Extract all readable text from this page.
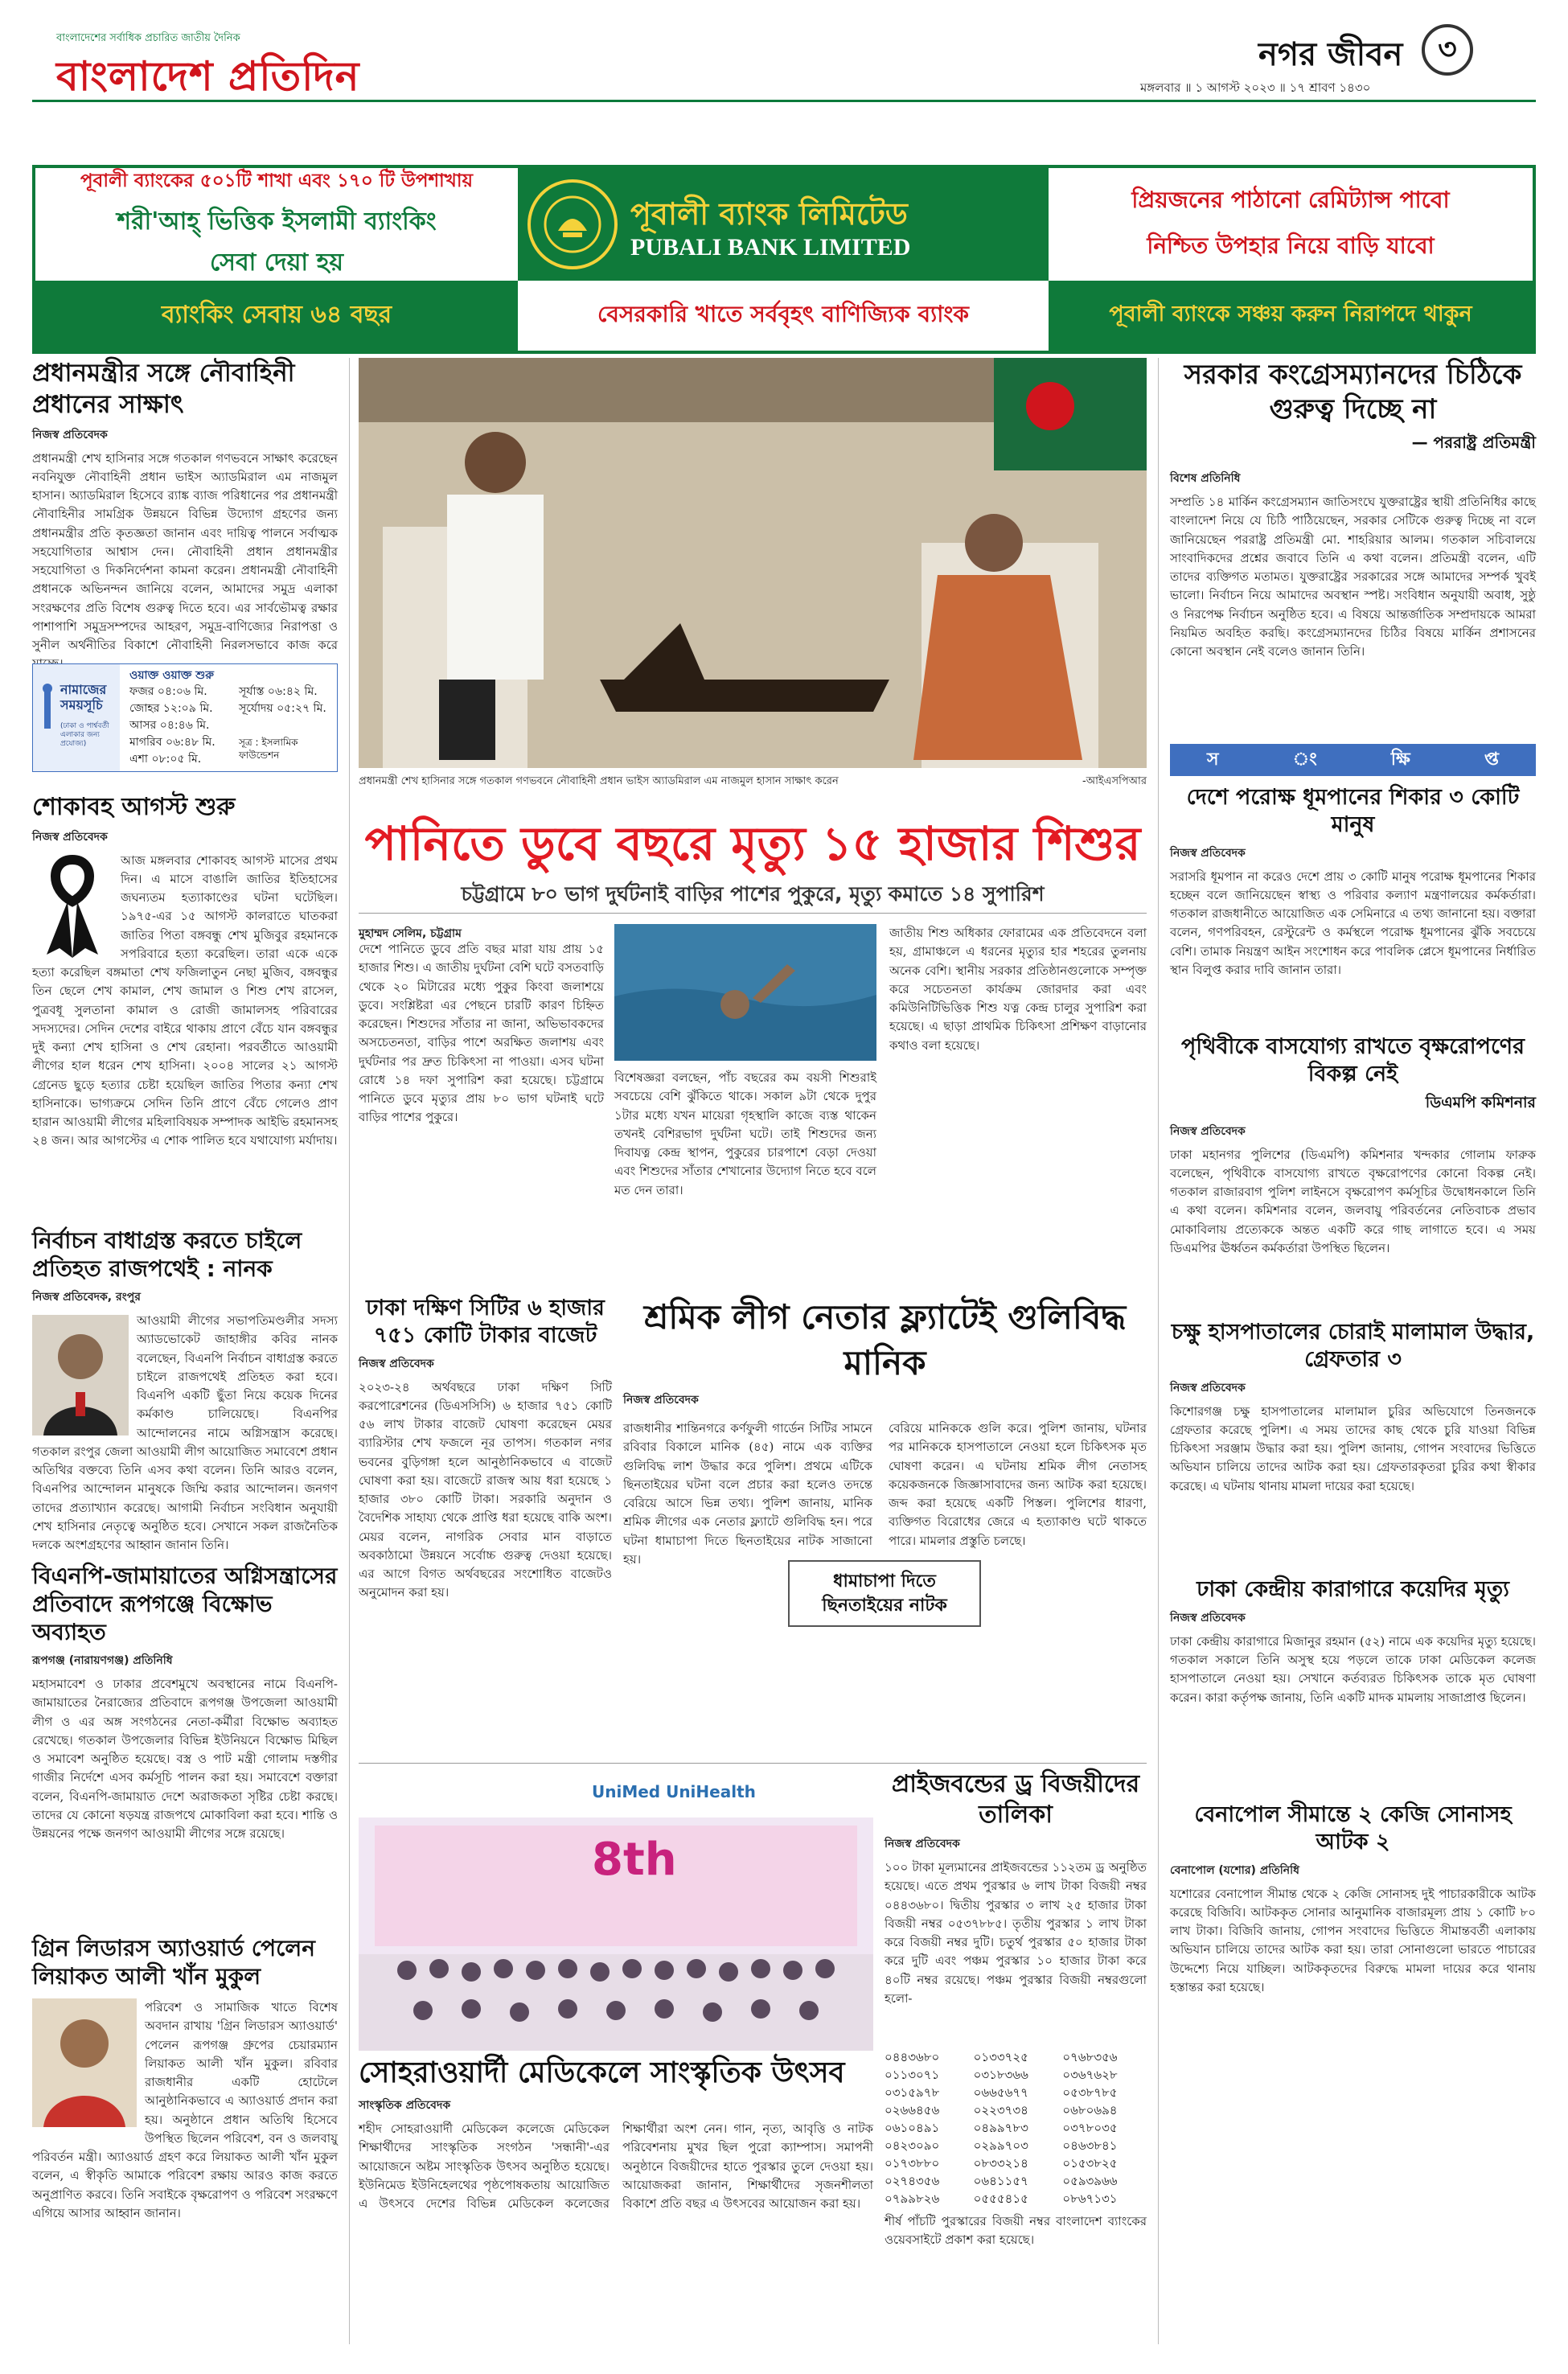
বাংলাদেশের সর্বাধিক প্রচারিত জাতীয় দৈনিক
বাংলাদেশ প্রতিদিন	নগর জীবন	৩
মঙ্গলবার ॥ ১ আগস্ট ২০২৩ ॥ ১৭ শ্রাবণ ১৪৩০
পূবালী ব্যাংকের ৫০১টি শাখা এবং ১৭০ টি উপশাখায়
শরী'আহ্ ভিত্তিক ইসলামী ব্যাংকিং
সেবা দেয়া হয়
পূবালী ব্যাংক লিমিটেড
PUBALI BANK LIMITED
প্রিয়জনের পাঠানো রেমিট্যান্স পাবো
নিশ্চিত উপহার নিয়ে বাড়ি যাবো
ব্যাংকিং সেবায় ৬৪ বছর	বেসরকারি খাতে সর্ববৃহৎ বাণিজ্যিক ব্যাংক	পূবালী ব্যাংকে সঞ্চয় করুন নিরাপদে থাকুন
প্রধানমন্ত্রীর সঙ্গে নৌবাহিনী প্রধানের সাক্ষাৎ
নিজস্ব প্রতিবেদক
প্রধানমন্ত্রী শেখ হাসিনার সঙ্গে গতকাল গণভবনে সাক্ষাৎ করেছেন নবনিযুক্ত নৌবাহিনী প্রধান ভাইস অ্যাডমিরাল এম নাজমুল হাসান। অ্যাডমিরাল হিসেবে র‍্যাঙ্ক ব্যাজ পরিধানের পর প্রধানমন্ত্রী নৌবাহিনীর সামগ্রিক উন্নয়নে বিভিন্ন উদ্যোগ গ্রহণের জন্য প্রধানমন্ত্রীর প্রতি কৃতজ্ঞতা জানান এবং দায়িত্ব পালনে সর্বাত্মক সহযোগিতার আশ্বাস দেন। নৌবাহিনী প্রধান প্রধানমন্ত্রীর সহযোগিতা ও দিকনির্দেশনা কামনা করেন। প্রধানমন্ত্রী নৌবাহিনী প্রধানকে অভিনন্দন জানিয়ে বলেন, আমাদের সমুদ্র এলাকা সংরক্ষণের প্রতি বিশেষ গুরুত্ব দিতে হবে। এর সার্বভৌমত্ব রক্ষার পাশাপাশি সমুদ্রসম্পদের আহরণ, সমুদ্র-বাণিজ্যের নিরাপত্তা ও সুনীল অর্থনীতির বিকাশে নৌবাহিনী নিরলসভাবে কাজ করে
নামাজের সময়সূচি
(ঢাকা ও পার্শ্ববর্তী এলাকার জন্য প্রযোজ্য)
ওয়াক্ত ওয়াক্ত শুরু
ফজর ০৪:০৬ মি.
জোহর ১২:০৯ মি.
আসর ০৪:৪৬ মি.
মাগরিব ০৬:৪৮ মি.
এশা ০৮:০৫ মি.
সূর্যাস্ত ০৬:৪২ মি.
সূর্যোদয় ০৫:২৭ মি.
সূত্র : ইসলামিক ফাউন্ডেশন
শোকাবহ আগস্ট শুরু
নিজস্ব প্রতিবেদক
আজ মঙ্গলবার শোকাবহ আগস্ট মাসের প্রথম দিন। এ মাসে বাঙালি জাতির ইতিহাসের জঘন্যতম হত্যাকাণ্ডের ঘটনা ঘটেছিল। ১৯৭৫-এর ১৫ আগস্ট কালরাতে ঘাতকরা জাতির পিতা বঙ্গবন্ধু শেখ মুজিবুর রহমানকে সপরিবারে হত্যা করেছিল। তারা একে একে হত্যা করেছিল বঙ্গমাতা শেখ ফজিলাতুন নেছা মুজিব, বঙ্গবন্ধুর তিন ছেলে শেখ কামাল, শেখ জামাল ও শিশু শেখ রাসেল, পুত্রবধূ সুলতানা কামাল ও রোজী জামালসহ পরিবারের সদস্যদের। সেদিন দেশের বাইরে থাকায় প্রাণে বেঁচে যান বঙ্গবন্ধুর দুই কন্যা শেখ হাসিনা ও শেখ রেহানা। পরবর্তীতে আওয়ামী লীগের হাল ধরেন শেখ হাসিনা। ২০০৪ সালের ২১ আগস্ট গ্রেনেড ছুড়ে হত্যার চেষ্টা হয়েছিল জাতির পিতার কন্যা শেখ হাসিনাকে। ভাগ্যক্রমে সেদিন তিনি প্রাণে বেঁচে গেলেও প্রাণ হারান আওয়ামী লীগের মহিলাবিষয়ক সম্পাদক আইভি রহমানসহ ২৪ জন। আর আগস্টের এ শোক পালিত হবে যথাযোগ্য মর্যাদায়।
নির্বাচন বাধাগ্রস্ত করতে চাইলে প্রতিহত রাজপথেই : নানক
নিজস্ব প্রতিবেদক, রংপুর
আওয়ামী লীগের সভাপতিমণ্ডলীর সদস্য অ্যাডভোকেট জাহাঙ্গীর কবির নানক বলেছেন, বিএনপি নির্বাচন বাধাগ্রস্ত করতে চাইলে রাজপথেই প্রতিহত করা হবে। বিএনপি একটি ছুঁতা নিয়ে কয়েক দিনের কর্মকাণ্ড চালিয়েছে। বিএনপির আন্দোলনের নামে অগ্নিসন্ত্রাস করেছে। গতকাল রংপুর জেলা আওয়ামী লীগ আয়োজিত সমাবেশে প্রধান অতিথির বক্তব্যে তিনি এসব কথা বলেন। তিনি আরও বলেন, বিএনপির আন্দোলন মানুষকে জিম্মি করার আন্দোলন। জনগণ তাদের প্রত্যাখ্যান করেছে। আগামী নির্বাচন সংবিধান অনুযায়ী শেখ হাসিনার নেতৃত্বে অনুষ্ঠিত হবে। সেখানে সকল রাজনৈতিক দলকে অংশগ্রহণের আহ্বান জানান তিনি।
বিএনপি-জামায়াতের অগ্নিসন্ত্রাসের প্রতিবাদে রূপগঞ্জে বিক্ষোভ অব্যাহত
রূপগঞ্জ (নারায়ণগঞ্জ) প্রতিনিধি
মহাসমাবেশ ও ঢাকার প্রবেশমুখে অবস্থানের নামে বিএনপি-জামায়াতের নৈরাজ্যের প্রতিবাদে রূপগঞ্জ উপজেলা আওয়ামী লীগ ও এর অঙ্গ সংগঠনের নেতা-কর্মীরা বিক্ষোভ অব্যাহত রেখেছে। গতকাল উপজেলার বিভিন্ন ইউনিয়নে বিক্ষোভ মিছিল ও সমাবেশ অনুষ্ঠিত হয়েছে। বস্ত্র ও পাট মন্ত্রী গোলাম দস্তগীর গাজীর নির্দেশে এসব কর্মসূচি পালন করা হয়। সমাবেশে বক্তারা বলেন, বিএনপি-জামায়াত দেশে অরাজকতা সৃষ্টির চেষ্টা করছে। তাদের যে কোনো ষড়যন্ত্র রাজপথে মোকাবিলা করা হবে। শান্তি ও উন্নয়নের পক্ষে জনগণ আওয়ামী লীগের সঙ্গে রয়েছে।
গ্রিন লিডারস অ্যাওয়ার্ড পেলেন লিয়াকত আলী খাঁন মুকুল
পরিবেশ ও সামাজিক খাতে বিশেষ অবদান রাখায় 'গ্রিন লিডারস অ্যাওয়ার্ড' পেলেন রূপগঞ্জ গ্রুপের চেয়ারম্যান লিয়াকত আলী খাঁন মুকুল। রবিবার রাজধানীর একটি হোটেলে আনুষ্ঠানিকভাবে এ অ্যাওয়ার্ড প্রদান করা হয়। অনুষ্ঠানে প্রধান অতিথি হিসেবে উপস্থিত ছিলেন পরিবেশ, বন ও জলবায়ু পরিবর্তন মন্ত্রী। অ্যাওয়ার্ড গ্রহণ করে লিয়াকত আলী খাঁন মুকুল বলেন, এ স্বীকৃতি আমাকে পরিবেশ রক্ষায় আরও কাজ করতে অনুপ্রাণিত করবে। তিনি সবাইকে বৃক্ষরোপণ ও পরিবেশ সংরক্ষণে এগিয়ে আসার আহ্বান জানান।
প্রধানমন্ত্রী শেখ হাসিনার সঙ্গে গতকাল গণভবনে নৌবাহিনী প্রধান ভাইস অ্যাডমিরাল এম নাজমুল হাসান সাক্ষাৎ করেন	-আইএসপিআর
পানিতে ডুবে বছরে মৃত্যু ১৫ হাজার শিশুর
চট্টগ্রামে ৮০ ভাগ দুর্ঘটনাই বাড়ির পাশের পুকুরে, মৃত্যু কমাতে ১৪ সুপারিশ
মুহাম্মদ সেলিম, চট্টগ্রাম
দেশে পানিতে ডুবে প্রতি বছর মারা যায় প্রায় ১৫ হাজার শিশু। এ জাতীয় দুর্ঘটনা বেশি ঘটে বসতবাড়ি থেকে ২০ মিটারের মধ্যে পুকুর কিংবা জলাশয়ে ডুবে। সংশ্লিষ্টরা এর পেছনে চারটি কারণ চিহ্নিত করেছেন। শিশুদের সাঁতার না জানা, অভিভাবকদের অসচেতনতা, বাড়ির পাশে অরক্ষিত জলাশয় এবং দুর্ঘটনার পর দ্রুত চিকিৎসা না পাওয়া। এসব ঘটনা রোধে ১৪ দফা সুপারিশ করা হয়েছে। চট্টগ্রামে পানিতে ডুবে মৃত্যুর প্রায় ৮০ ভাগ ঘটনাই ঘটে বাড়ির পাশের পুকুরে।
বিশেষজ্ঞরা বলছেন, পাঁচ বছরের কম বয়সী শিশুরাই সবচেয়ে বেশি ঝুঁকিতে থাকে। সকাল ৯টা থেকে দুপুর ১টার মধ্যে যখন মায়েরা গৃহস্থালি কাজে ব্যস্ত থাকেন তখনই বেশিরভাগ দুর্ঘটনা ঘটে। তাই শিশুদের জন্য দিবাযত্ন কেন্দ্র স্থাপন, পুকুরের চারপাশে বেড়া দেওয়া এবং শিশুদের সাঁতার শেখানোর উদ্যোগ নিতে হবে বলে মত দেন তারা।
জাতীয় শিশু অধিকার ফোরামের এক প্রতিবেদনে বলা হয়, গ্রামাঞ্চলে এ ধরনের মৃত্যুর হার শহরের তুলনায় অনেক বেশি। স্থানীয় সরকার প্রতিষ্ঠানগুলোকে সম্পৃক্ত করে সচেতনতা কার্যক্রম জোরদার করা এবং কমিউনিটিভিত্তিক শিশু যত্ন কেন্দ্র চালুর সুপারিশ করা হয়েছে। এ ছাড়া প্রাথমিক চিকিৎসা প্রশিক্ষণ বাড়ানোর কথাও বলা হয়েছে।
ঢাকা দক্ষিণ সিটির ৬ হাজার ৭৫১ কোটি টাকার বাজেট
নিজস্ব প্রতিবেদক
২০২৩-২৪ অর্থবছরে ঢাকা দক্ষিণ সিটি করপোরেশনের (ডিএসসিসি) ৬ হাজার ৭৫১ কোটি ৫৬ লাখ টাকার বাজেট ঘোষণা করেছেন মেয়র ব্যারিস্টার শেখ ফজলে নূর তাপস। গতকাল নগর ভবনের বুড়িগঙ্গা হলে আনুষ্ঠানিকভাবে এ বাজেট ঘোষণা করা হয়। বাজেটে রাজস্ব আয় ধরা হয়েছে ১ হাজার ৩৮০ কোটি টাকা। সরকারি অনুদান ও বৈদেশিক সাহায্য থেকে প্রাপ্তি ধরা হয়েছে বাকি অংশ। মেয়র বলেন, নাগরিক সেবার মান বাড়াতে অবকাঠামো উন্নয়নে সর্বোচ্চ গুরুত্ব দেওয়া হয়েছে। এর আগে বিগত অর্থবছরের সংশোধিত বাজেটও অনুমোদন করা হয়।
শ্রমিক লীগ নেতার ফ্ল্যাটেই গুলিবিদ্ধ মানিক
নিজস্ব প্রতিবেদক
রাজধানীর শান্তিনগরে কর্ণফুলী গার্ডেন সিটির সামনে রবিবার বিকালে মানিক (৪৫) নামে এক ব্যক্তির গুলিবিদ্ধ লাশ উদ্ধার করে পুলিশ। প্রথমে এটিকে ছিনতাইয়ের ঘটনা বলে প্রচার করা হলেও তদন্তে বেরিয়ে আসে ভিন্ন তথ্য। পুলিশ জানায়, মানিক শ্রমিক লীগের এক নেতার ফ্ল্যাটে গুলিবিদ্ধ হন। পরে ঘটনা ধামাচাপা দিতে ছিনতাইয়ের নাটক সাজানো হয়।
ধামাচাপা দিতে ছিনতাইয়ের নাটক
বেরিয়ে মানিককে গুলি করে। পুলিশ জানায়, ঘটনার পর মানিককে হাসপাতালে নেওয়া হলে চিকিৎসক মৃত ঘোষণা করেন। এ ঘটনায় শ্রমিক লীগ নেতাসহ কয়েকজনকে জিজ্ঞাসাবাদের জন্য আটক করা হয়েছে। জব্দ করা হয়েছে একটি পিস্তল। পুলিশের ধারণা, ব্যক্তিগত বিরোধের জেরে এ হত্যাকাণ্ড ঘটে থাকতে পারে। মামলার প্রস্তুতি চলছে।
UniMed UniHealth
8th
সোহরাওয়ার্দী মেডিকেলে সাংস্কৃতিক উৎসব
সাংস্কৃতিক প্রতিবেদক
শহীদ সোহরাওয়ার্দী মেডিকেল কলেজে মেডিকেল শিক্ষার্থীদের সাংস্কৃতিক সংগঠন 'সন্ধানী'-এর আয়োজনে অষ্টম সাংস্কৃতিক উৎসব অনুষ্ঠিত হয়েছে। ইউনিমেড ইউনিহেলথের পৃষ্ঠপোষকতায় আয়োজিত এ উৎসবে দেশের বিভিন্ন মেডিকেল কলেজের শিক্ষার্থীরা অংশ নেন। গান, নৃত্য, আবৃত্তি ও নাটক পরিবেশনায় মুখর ছিল পুরো ক্যাম্পাস। সমাপনী অনুষ্ঠানে বিজয়ীদের হাতে পুরস্কার তুলে দেওয়া হয়। আয়োজকরা জানান, শিক্ষার্থীদের সৃজনশীলতা বিকাশে প্রতি বছর এ উৎসবের আয়োজন করা হয়।
প্রাইজবন্ডের ড্র বিজয়ীদের তালিকা
নিজস্ব প্রতিবেদক
১০০ টাকা মূল্যমানের প্রাইজবন্ডের ১১২তম ড্র অনুষ্ঠিত হয়েছে। এতে প্রথম পুরস্কার ৬ লাখ টাকা বিজয়ী নম্বর ০৪৪৩৬৮০। দ্বিতীয় পুরস্কার ৩ লাখ ২৫ হাজার টাকা বিজয়ী নম্বর ০৫৩৭৮৮৫। তৃতীয় পুরস্কার ১ লাখ টাকা করে বিজয়ী নম্বর দুটি। চতুর্থ পুরস্কার ৫০ হাজার টাকা করে দুটি এবং পঞ্চম পুরস্কার ১০ হাজার টাকা করে ৪০টি নম্বর রয়েছে। পঞ্চম পুরস্কার বিজয়ী নম্বরগুলো হলো-
০৪৪৩৬৮০	০১৩৩৭২৫	০৭৬৮৩৫৬
০১১৩০৭১	০৩১৮৩৬৬	০৩৬৭৬২৮
০৩১৫৯৭৮	০৬৬৫৬৭৭	০৫৩৮৭৮৫
০২৬৬৪৫৬	০২২৩৭৩৪	০৬৮০৬৯৪
০৬১০৪৯১	০৪৯৯৭৮৩	০৩৭৮০৩৫
০৪২৩০৯০	০২৯৯৭০৩	০৪৬৩৮৪১
০১৭৩৮৮০	০৮৩৩২১৪	০১৫৩৮২৫
০২৭৪৩৫৬	০৬৪১১৫৭	০৫৯৩৯৬৬
০৭৯৯৮২৬	০৫৫৫৪১৫	০৮৬৭১৩১
শীর্ষ পাঁচটি পুরস্কারের বিজয়ী নম্বর বাংলাদেশ ব্যাংকের ওয়েবসাইটে প্রকাশ করা হয়েছে।
সরকার কংগ্রেসম্যানদের চিঠিকে গুরুত্ব দিচ্ছে না
— পররাষ্ট্র প্রতিমন্ত্রী
বিশেষ প্রতিনিধি
সম্প্রতি ১৪ মার্কিন কংগ্রেসম্যান জাতিসংঘে যুক্তরাষ্ট্রের স্থায়ী প্রতিনিধির কাছে বাংলাদেশ নিয়ে যে চিঠি পাঠিয়েছেন, সরকার সেটিকে গুরুত্ব দিচ্ছে না বলে জানিয়েছেন পররাষ্ট্র প্রতিমন্ত্রী মো. শাহরিয়ার আলম। গতকাল সচিবালয়ে সাংবাদিকদের প্রশ্নের জবাবে তিনি এ কথা বলেন। প্রতিমন্ত্রী বলেন, এটি তাদের ব্যক্তিগত মতামত। যুক্তরাষ্ট্রের সরকারের সঙ্গে আমাদের সম্পর্ক খুবই ভালো। নির্বাচন নিয়ে আমাদের অবস্থান স্পষ্ট। সংবিধান অনুযায়ী অবাধ, সুষ্ঠু ও নিরপেক্ষ নির্বাচন অনুষ্ঠিত হবে। এ বিষয়ে আন্তর্জাতিক সম্প্রদায়কে আমরা নিয়মিত অবহিত করছি। কংগ্রেসম্যানদের চিঠির বিষয়ে মার্কিন প্রশাসনের কোনো অবস্থান নেই বলেও জানান তিনি।
স	ং	ক্ষি	প্ত
দেশে পরোক্ষ ধূমপানের শিকার ৩ কোটি মানুষ
নিজস্ব প্রতিবেদক
সরাসরি ধূমপান না করেও দেশে প্রায় ৩ কোটি মানুষ পরোক্ষ ধূমপানের শিকার হচ্ছেন বলে জানিয়েছেন স্বাস্থ্য ও পরিবার কল্যাণ মন্ত্রণালয়ের কর্মকর্তারা। গতকাল রাজধানীতে আয়োজিত এক সেমিনারে এ তথ্য জানানো হয়। বক্তারা বলেন, গণপরিবহন, রেস্টুরেন্ট ও কর্মস্থলে পরোক্ষ ধূমপানের ঝুঁকি সবচেয়ে বেশি। তামাক নিয়ন্ত্রণ আইন সংশোধন করে পাবলিক প্লেসে ধূমপানের নির্ধারিত স্থান বিলুপ্ত করার দাবি জানান তারা।
পৃথিবীকে বাসযোগ্য রাখতে বৃক্ষরোপণের বিকল্প নেই
ডিএমপি কমিশনার
নিজস্ব প্রতিবেদক
ঢাকা মহানগর পুলিশের (ডিএমপি) কমিশনার খন্দকার গোলাম ফারুক বলেছেন, পৃথিবীকে বাসযোগ্য রাখতে বৃক্ষরোপণের কোনো বিকল্প নেই। গতকাল রাজারবাগ পুলিশ লাইনসে বৃক্ষরোপণ কর্মসূচির উদ্বোধনকালে তিনি এ কথা বলেন। কমিশনার বলেন, জলবায়ু পরিবর্তনের নেতিবাচক প্রভাব মোকাবিলায় প্রত্যেককে অন্তত একটি করে গাছ লাগাতে হবে। এ সময় ডিএমপির ঊর্ধ্বতন কর্মকর্তারা উপস্থিত ছিলেন।
চক্ষু হাসপাতালের চোরাই মালামাল উদ্ধার, গ্রেফতার ৩
নিজস্ব প্রতিবেদক
কিশোরগঞ্জ চক্ষু হাসপাতালের মালামাল চুরির অভিযোগে তিনজনকে গ্রেফতার করেছে পুলিশ। এ সময় তাদের কাছ থেকে চুরি যাওয়া বিভিন্ন চিকিৎসা সরঞ্জাম উদ্ধার করা হয়। পুলিশ জানায়, গোপন সংবাদের ভিত্তিতে অভিযান চালিয়ে তাদের আটক করা হয়। গ্রেফতারকৃতরা চুরির কথা স্বীকার করেছে। এ ঘটনায় থানায় মামলা দায়ের করা হয়েছে।
ঢাকা কেন্দ্রীয় কারাগারে কয়েদির মৃত্যু
নিজস্ব প্রতিবেদক
ঢাকা কেন্দ্রীয় কারাগারে মিজানুর রহমান (৫২) নামে এক কয়েদির মৃত্যু হয়েছে। গতকাল সকালে তিনি অসুস্থ হয়ে পড়লে তাকে ঢাকা মেডিকেল কলেজ হাসপাতালে নেওয়া হয়। সেখানে কর্তব্যরত চিকিৎসক তাকে মৃত ঘোষণা করেন। কারা কর্তৃপক্ষ জানায়, তিনি একটি মাদক মামলায় সাজাপ্রাপ্ত ছিলেন।
বেনাপোল সীমান্তে ২ কেজি সোনাসহ আটক ২
বেনাপোল (যশোর) প্রতিনিধি
যশোরের বেনাপোল সীমান্ত থেকে ২ কেজি সোনাসহ দুই পাচারকারীকে আটক করেছে বিজিবি। আটককৃত সোনার আনুমানিক বাজারমূল্য প্রায় ১ কোটি ৮০ লাখ টাকা। বিজিবি জানায়, গোপন সংবাদের ভিত্তিতে সীমান্তবর্তী এলাকায় অভিযান চালিয়ে তাদের আটক করা হয়। তারা সোনাগুলো ভারতে পাচারের উদ্দেশ্যে নিয়ে যাচ্ছিল। আটককৃতদের বিরুদ্ধে মামলা দায়ের করে থানায় হস্তান্তর করা হয়েছে।
